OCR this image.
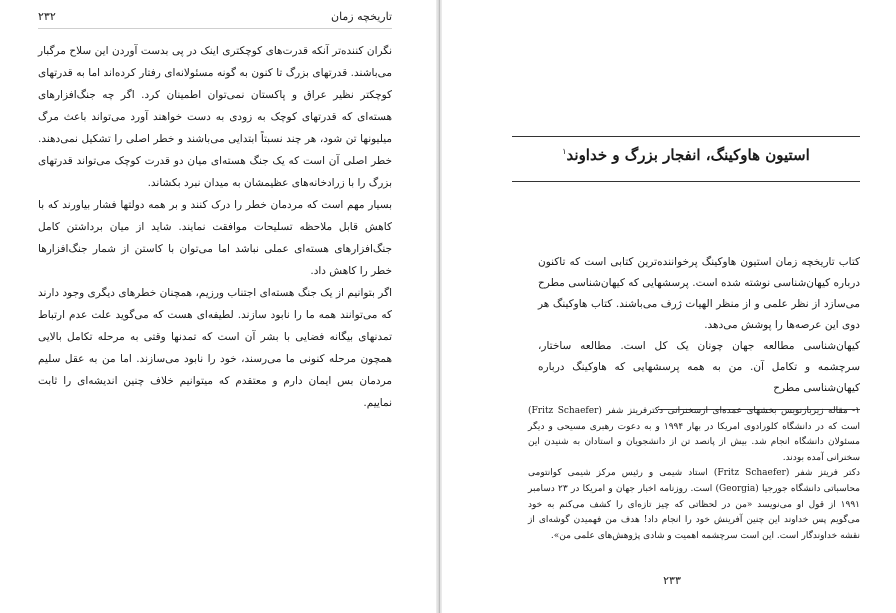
تاریخچه زمان
۲۳۲

نگران کننده‌تر آنکه قدرت‌های کوچکتری اینک در پی بدست آوردن این سلاح مرگبار می‌باشند. قدرتهای بزرگ تا کنون به گونه مسئولانه‌ای رفتار کرده‌اند اما به قدرتهای کوچکتر نظیر عراق و پاکستان نمی‌توان اطمینان کرد. اگر چه جنگ‌افزارهای هسته‌ای که قدرتهای کوچک به زودی به دست خواهند آورد می‌تواند باعث مرگ میلیونها تن شود، هر چند نسبتاً ابتدایی می‌باشند و خطر اصلی را تشکیل نمی‌دهند. خطر اصلی آن است که یک جنگ هسته‌ای میان دو قدرت کوچک می‌تواند قدرتهای بزرگ را با زرادخانه‌های عظیمشان به میدان نبرد بکشاند.

بسیار مهم است که مردمان خطر را درک کنند و بر همه دولتها فشار بیاورند که با کاهش قابل ملاحظه تسلیحات موافقت نمایند. شاید از میان برداشتن کامل جنگ‌افزارهای هسته‌ای عملی نباشد اما می‌توان با کاستن از شمار جنگ‌افزارها خطر را کاهش داد.

اگر بتوانیم از یک جنگ هسته‌ای اجتناب ورزیم، همچنان خطرهای دیگری وجود دارند که می‌توانند همه ما را نابود سازند. لطیفه‌ای هست که می‌گوید علت عدم ارتباط تمدنهای بیگانه فضایی با بشر آن است که تمدنها وقتی به مرحله تکامل بالایی همچون مرحله کنونی ما می‌رسند، خود را نابود می‌سازند. اما من به عقل سلیم مردمان بس ایمان دارم و معتقدم که میتوانیم خلاف چنین اندیشه‌ای را ثابت نماییم.

استیون هاوکینگ، انفجار بزرگ و خداوند$^۱$

کتاب تاریخچه زمان استیون هاوکینگ پرخواننده‌ترین کتابی است که تاکنون درباره کیهان‌شناسی نوشته شده است. پرسشهایی که کیهان‌شناسی مطرح می‌سازد از نظر علمی و از منظر الهیات ژرف می‌باشند. کتاب هاوکینگ هر دوی این عرصه‌ها را پوشش می‌دهد.

کیهان‌شناسی مطالعه جهان چونان یک کل است. مطالعه ساختار، سرچشمه و تکامل آن. من به همه پرسشهایی که هاوکینگ درباره کیهان‌شناسی مطرح

۱- مقاله زیربازنویس بخشهای عمده‌ای ازسخنرانی دکترفریتز شفر (Fritz Schaefer) است که در دانشگاه کلورادوی امریکا در بهار ۱۹۹۴ و به دعوت رهبری مسیحی و دیگر مسئولان دانشگاه انجام شد. بیش از پانصد تن از دانشجویان و استادان به شنیدن این سخنرانی آمده بودند.

دکتر فریتز شفر (Fritz Schaefer) استاد شیمی و رئیس مرکز شیمی کوانتومی محاسباتی دانشگاه جورجیا (Georgia) است. روزنامه اخبار جهان و امریکا در ۲۳ دسامبر ۱۹۹۱ از قول او می‌نویسد «من در لحظاتی که چیز تازه‌ای را کشف می‌کنم به خود می‌گویم پس خداوند این چنین آفرینش خود را انجام داد! هدف من فهمیدن گوشه‌ای از نقشه خداوندگار است. این است سرچشمه اهمیت و شادی پژوهش‌های علمی من».

۲۳۳
